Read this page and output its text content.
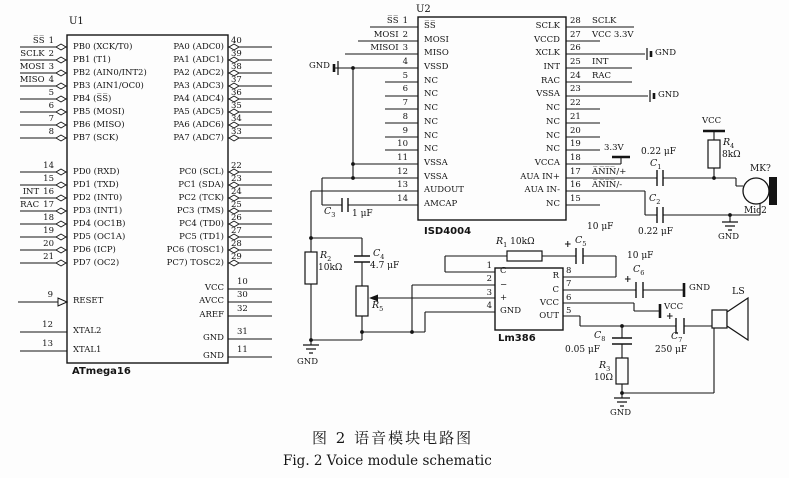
U1
ATmega16
S̅S̅ 1
SCLK 2
MOSI 3
MISO 4
5
6
7
8
14
15
INT 16
RAC 17
18
19
20
21
9
12
13
PB0 (XCK/T0)
PB1 (T1)
PB2 (AIN0/INT2)
PB3 (AIN1/OC0)
PB4 (S̅S̅)
PB5 (MOSI)
PB6 (MISO)
PB7 (SCK)
PD0 (RXD)
PD1 (TXD)
PD2 (INT0)
PD3 (INT1)
PD4 (OC1B)
PD5 (OC1A)
PD6 (ICP)
PD7 (OC2)
RESET
XTAL2
XTAL1
PA0 (ADC0)
PA1 (ADC1)
PA2 (ADC2)
PA3 (ADC3)
PA4 (ADC4)
PA5 (ADC5)
PA6 (ADC6)
PA7 (ADC7)
PC0 (SCL)
PC1 (SDA)
PC2 (TCK)
PC3 (TMS)
PC4 (TD0)
PC5 (TD1)
PC6 (TOSC1)
PC7) TOSC2)
40
39
38
37
36
35
34
33
22
23
24
25
26
27
28
29
VCC
AVCC
AREF
GND
GND
10
30
32
31
11
U2
ISD4004
S̅S̅ 1
MOSI 2
MISOI 3
4
5
6
7
8
9
10
11
12
13
14
S̅S̅
MOSI
MISO
VSSD
NC
NC
NC
NC
NC
NC
VSSA
VSSA
AUDOUT
AMCAP
SCLK
VCCD
XCLK
INT
RAC
VSSA
NC
NC
NC
NC
VCCA
AUA IN+
AUA IN-
NC
28 SCLK
27 VCC 3.3V
26
25 INT
24 RAC
23
22
21
20
19
18
17 A̅N̅I̅N̅/+
16 A̅N̅I̅N̅/-
15
Lm386
C
−
+
GND
R
C
VCC
OUT
1
2
3
4
8
7
6
5
$R_1$ 10kΩ
$R_2$
10kΩ
$R_3$
10Ω
$R_4$
8kΩ
$R_5$
0.22 μF
$C_1$
$C_2$
0.22 μF
$C_3$ 1 μF
$C_4$
4.7 μF
10 μF
$C_5$
+
10 μF
$C_6$
+
+
$C_7$
250 μF
$C_8$
0.05 μF
GND
GND
GND
3.3V
VCC
GND
GND
VCC
GND
GND
MK?
Mic2
LS
图 2 语音模块电路图
Fig. 2 Voice module schematic
